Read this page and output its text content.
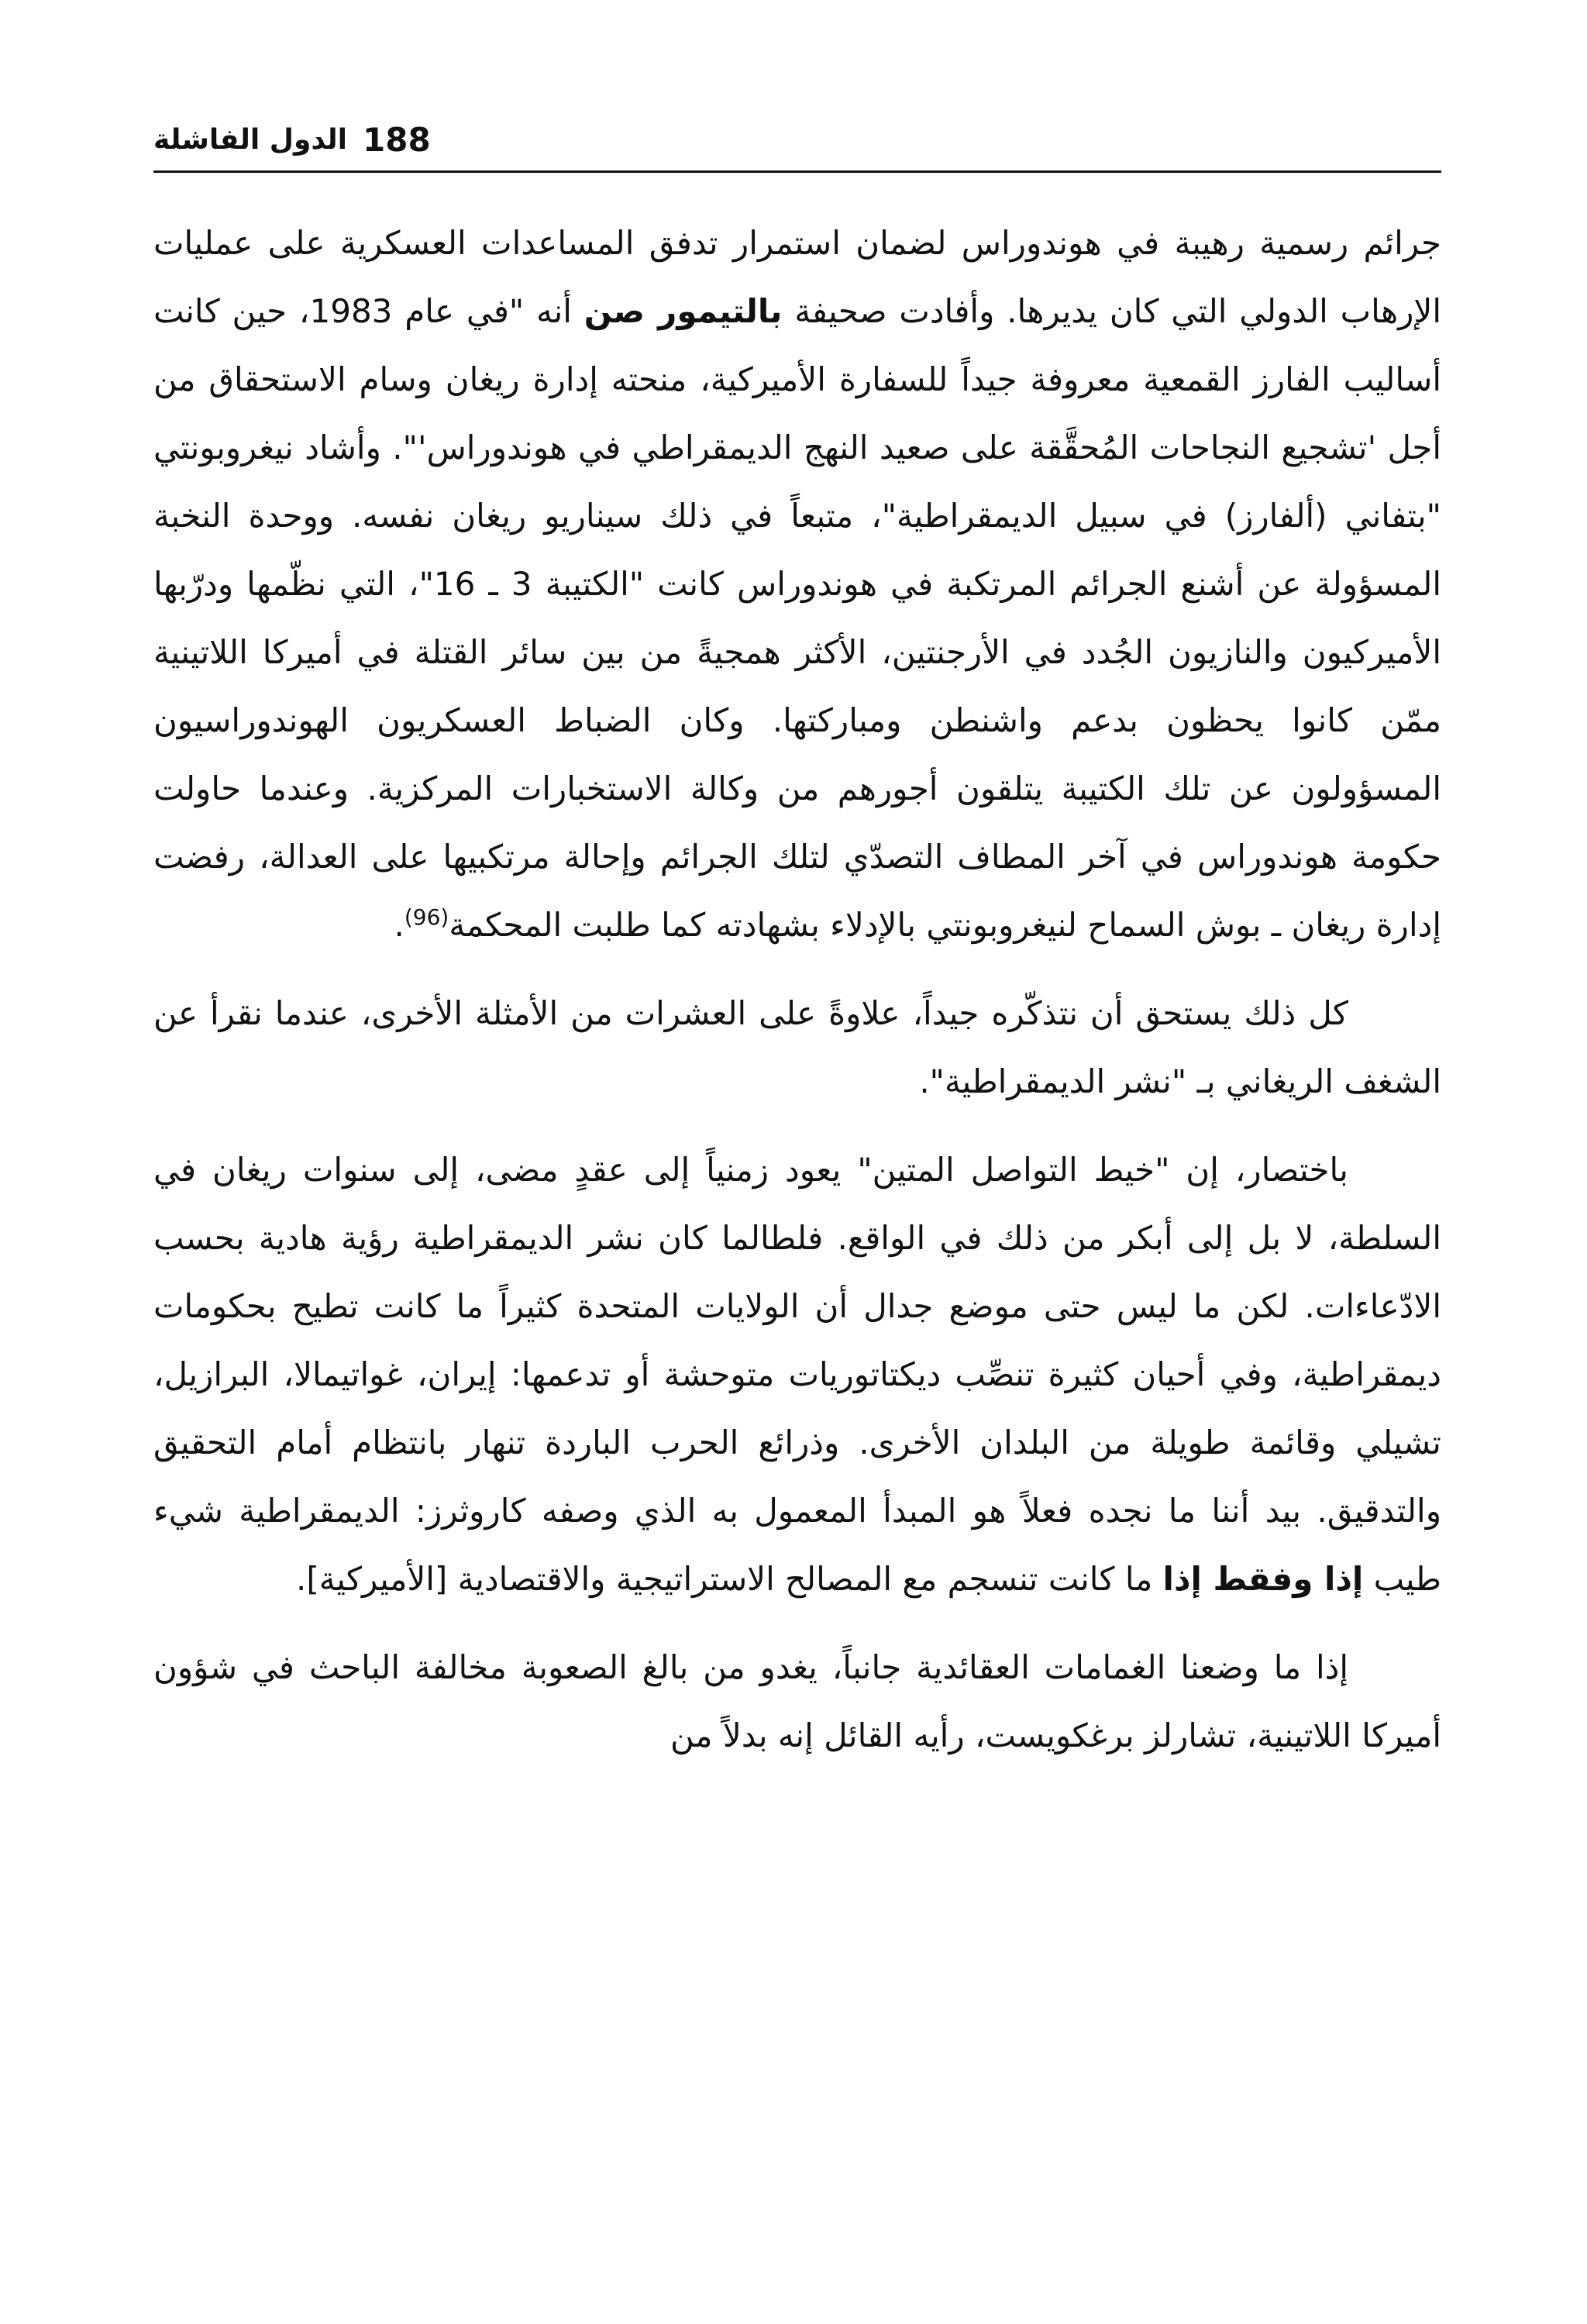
188
الدول الفاشلة

جرائم رسمية رهيبة في هوندوراس لضمان استمرار تدفق المساعدات العسكرية على عمليات الإرهاب الدولي التي كان يديرها. وأفادت صحيفة بالتيمور صن أنه "في عام 1983، حين كانت أساليب الفارز القمعية معروفة جيداً للسفارة الأميركية، منحته إدارة ريغان وسام الاستحقاق من أجل 'تشجيع النجاحات المُحقَّقة على صعيد النهج الديمقراطي في هوندوراس'". وأشاد نيغروبونتي "بتفاني (ألفارز) في سبيل الديمقراطية"، متبعاً في ذلك سيناريو ريغان نفسه. ووحدة النخبة المسؤولة عن أشنع الجرائم المرتكبة في هوندوراس كانت "الكتيبة 3 ـ 16"، التي نظّمها ودرّبها الأميركيون والنازيون الجُدد في الأرجنتين، الأكثر همجيةً من بين سائر القتلة في أميركا اللاتينية ممّن كانوا يحظون بدعم واشنطن ومباركتها. وكان الضباط العسكريون الهوندوراسيون المسؤولون عن تلك الكتيبة يتلقون أجورهم من وكالة الاستخبارات المركزية. وعندما حاولت حكومة هوندوراس في آخر المطاف التصدّي لتلك الجرائم وإحالة مرتكبيها على العدالة، رفضت إدارة ريغان ـ بوش السماح لنيغروبونتي بالإدلاء بشهادته كما طلبت المحكمة$^{(96)}$.

كل ذلك يستحق أن نتذكّره جيداً، علاوةً على العشرات من الأمثلة الأخرى، عندما نقرأ عن الشغف الريغاني بـ "نشر الديمقراطية".

باختصار، إن "خيط التواصل المتين" يعود زمنياً إلى عقدٍ مضى، إلى سنوات ريغان في السلطة، لا بل إلى أبكر من ذلك في الواقع. فلطالما كان نشر الديمقراطية رؤية هادية بحسب الادّعاءات. لكن ما ليس حتى موضع جدال أن الولايات المتحدة كثيراً ما كانت تطيح بحكومات ديمقراطية، وفي أحيان كثيرة تنصِّب ديكتاتوريات متوحشة أو تدعمها: إيران، غواتيمالا، البرازيل، تشيلي وقائمة طويلة من البلدان الأخرى. وذرائع الحرب الباردة تنهار بانتظام أمام التحقيق والتدقيق. بيد أننا ما نجده فعلاً هو المبدأ المعمول به الذي وصفه كاروثرز: الديمقراطية شيء طيب إذا وفقط إذا ما كانت تنسجم مع المصالح الاستراتيجية والاقتصادية [الأميركية].

إذا ما وضعنا الغمامات العقائدية جانباً، يغدو من بالغ الصعوبة مخالفة الباحث في شؤون أميركا اللاتينية، تشارلز برغكويست، رأيه القائل إنه بدلاً من
